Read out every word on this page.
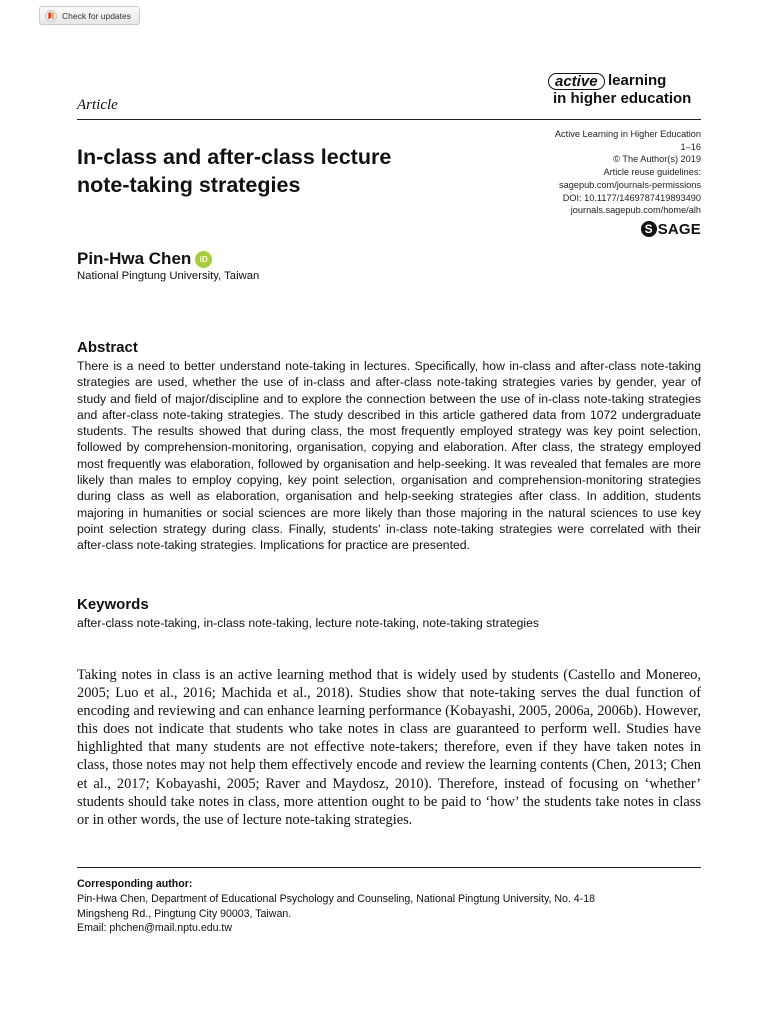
Check for updates
active learning
in higher education
Article
Active Learning in Higher Education
1–16
© The Author(s) 2019
Article reuse guidelines:
sagepub.com/journals-permissions
DOI: 10.1177/1469787419893490
journals.sagepub.com/home/alh
S SAGE
In-class and after-class lecture
note-taking strategies
Pin-Hwa Chen	iD
National Pingtung University, Taiwan
Abstract
There is a need to better understand note-taking in lectures. Specifically, how in-class and after-class note-taking strategies are used, whether the use of in-class and after-class note-taking strategies varies by gender, year of study and field of major/discipline and to explore the connection between the use of in-class note-taking strategies and after-class note-taking strategies. The study described in this article gathered data from 1072 undergraduate students. The results showed that during class, the most frequently employed strategy was key point selection, followed by comprehension-monitoring, organisation, copying and elaboration. After class, the strategy employed most frequently was elaboration, followed by organisation and help-seeking. It was revealed that females are more likely than males to employ copying, key point selection, organisation and comprehension-monitoring strategies during class as well as elaboration, organisation and help-seeking strategies after class. In addition, students majoring in humanities or social sciences are more likely than those majoring in the natural sciences to use key point selection strategy during class. Finally, students' in-class note-taking strategies were correlated with their after-class note-taking strategies. Implications for practice are presented.
Keywords
after-class note-taking, in-class note-taking, lecture note-taking, note-taking strategies
Taking notes in class is an active learning method that is widely used by students (Castello and Monereo, 2005; Luo et al., 2016; Machida et al., 2018). Studies show that note-taking serves the dual function of encoding and reviewing and can enhance learning performance (Kobayashi, 2005, 2006a, 2006b). However, this does not indicate that students who take notes in class are guaranteed to perform well. Studies have highlighted that many students are not effective note-takers; therefore, even if they have taken notes in class, those notes may not help them effectively encode and review the learning contents (Chen, 2013; Chen et al., 2017; Kobayashi, 2005; Raver and Maydosz, 2010). Therefore, instead of focusing on ‘whether’ students should take notes in class, more attention ought to be paid to ‘how’ the students take notes in class or in other words, the use of lecture note-taking strategies.
Corresponding author:
Pin-Hwa Chen, Department of Educational Psychology and Counseling, National Pingtung University, No. 4-18
Mingsheng Rd., Pingtung City 90003, Taiwan.
Email: phchen@mail.nptu.edu.tw
